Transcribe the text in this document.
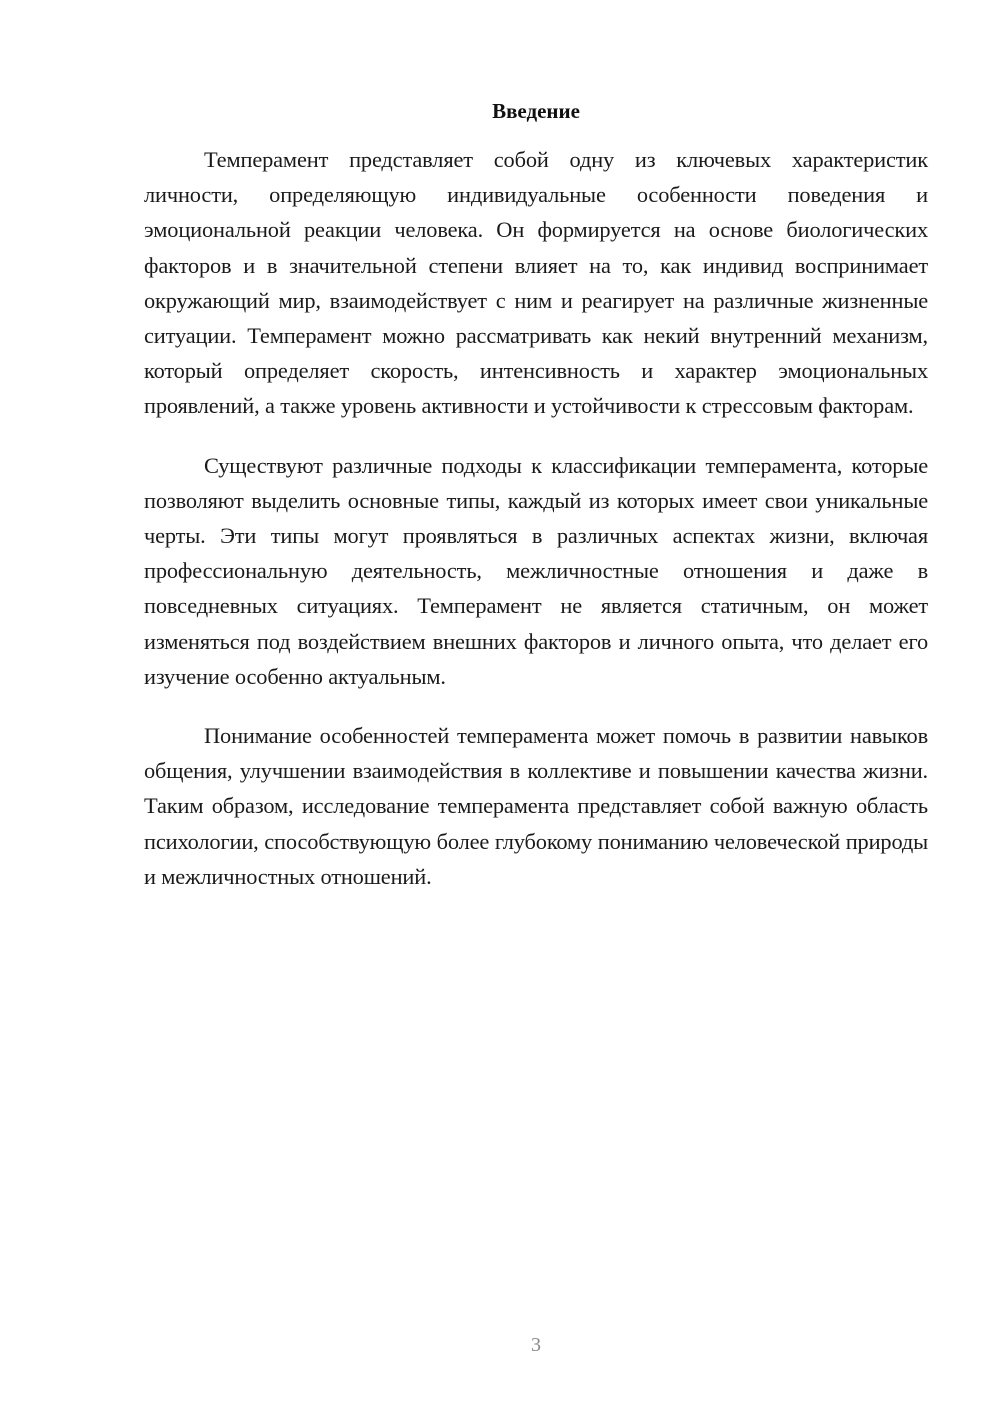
Введение

Темперамент представляет собой одну из ключевых характеристик личности, определяющую индивидуальные особенности поведения и эмоциональной реакции человека. Он формируется на основе биологических факторов и в значительной степени влияет на то, как индивид воспринимает окружающий мир, взаимодействует с ним и реагирует на различные жизненные ситуации. Темперамент можно рассматривать как некий внутренний механизм, который определяет скорость, интенсивность и характер эмоциональных проявлений, а также уровень активности и устойчивости к стрессовым факторам.

Существуют различные подходы к классификации темперамента, которые позволяют выделить основные типы, каждый из которых имеет свои уникальные черты. Эти типы могут проявляться в различных аспектах жизни, включая профессиональную деятельность, межличностные отношения и даже в повседневных ситуациях. Темперамент не является статичным, он может изменяться под воздействием внешних факторов и личного опыта, что делает его изучение особенно актуальным.

Понимание особенностей темперамента может помочь в развитии навыков общения, улучшении взаимодействия в коллективе и повышении качества жизни. Таким образом, исследование темперамента представляет собой важную область психологии, способствующую более глубокому пониманию человеческой природы и межличностных отношений.

3
